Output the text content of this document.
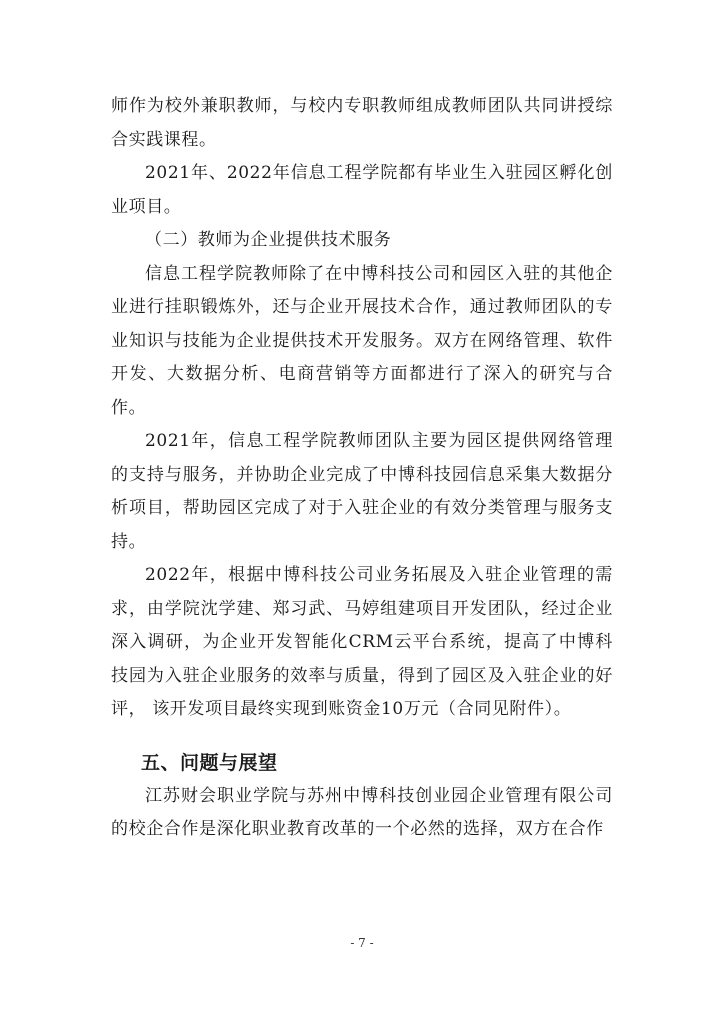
师作为校外兼职教师，与校内专职教师组成教师团队共同讲授综合实践课程。

2021年、2022年信息工程学院都有毕业生入驻园区孵化创业项目。

（二）教师为企业提供技术服务

信息工程学院教师除了在中博科技公司和园区入驻的其他企业进行挂职锻炼外，还与企业开展技术合作，通过教师团队的专业知识与技能为企业提供技术开发服务。双方在网络管理、软件开发、大数据分析、电商营销等方面都进行了深入的研究与合作。

2021年，信息工程学院教师团队主要为园区提供网络管理的支持与服务，并协助企业完成了中博科技园信息采集大数据分析项目，帮助园区完成了对于入驻企业的有效分类管理与服务支持。

2022年，根据中博科技公司业务拓展及入驻企业管理的需求，由学院沈学建、郑习武、马婷组建项目开发团队，经过企业深入调研，为企业开发智能化CRM云平台系统，提高了中博科技园为入驻企业服务的效率与质量，得到了园区及入驻企业的好评， 该开发项目最终实现到账资金10万元（合同见附件）。

五、问题与展望

江苏财会职业学院与苏州中博科技创业园企业管理有限公司的校企合作是深化职业教育改革的一个必然的选择，双方在合作

- 7 -
